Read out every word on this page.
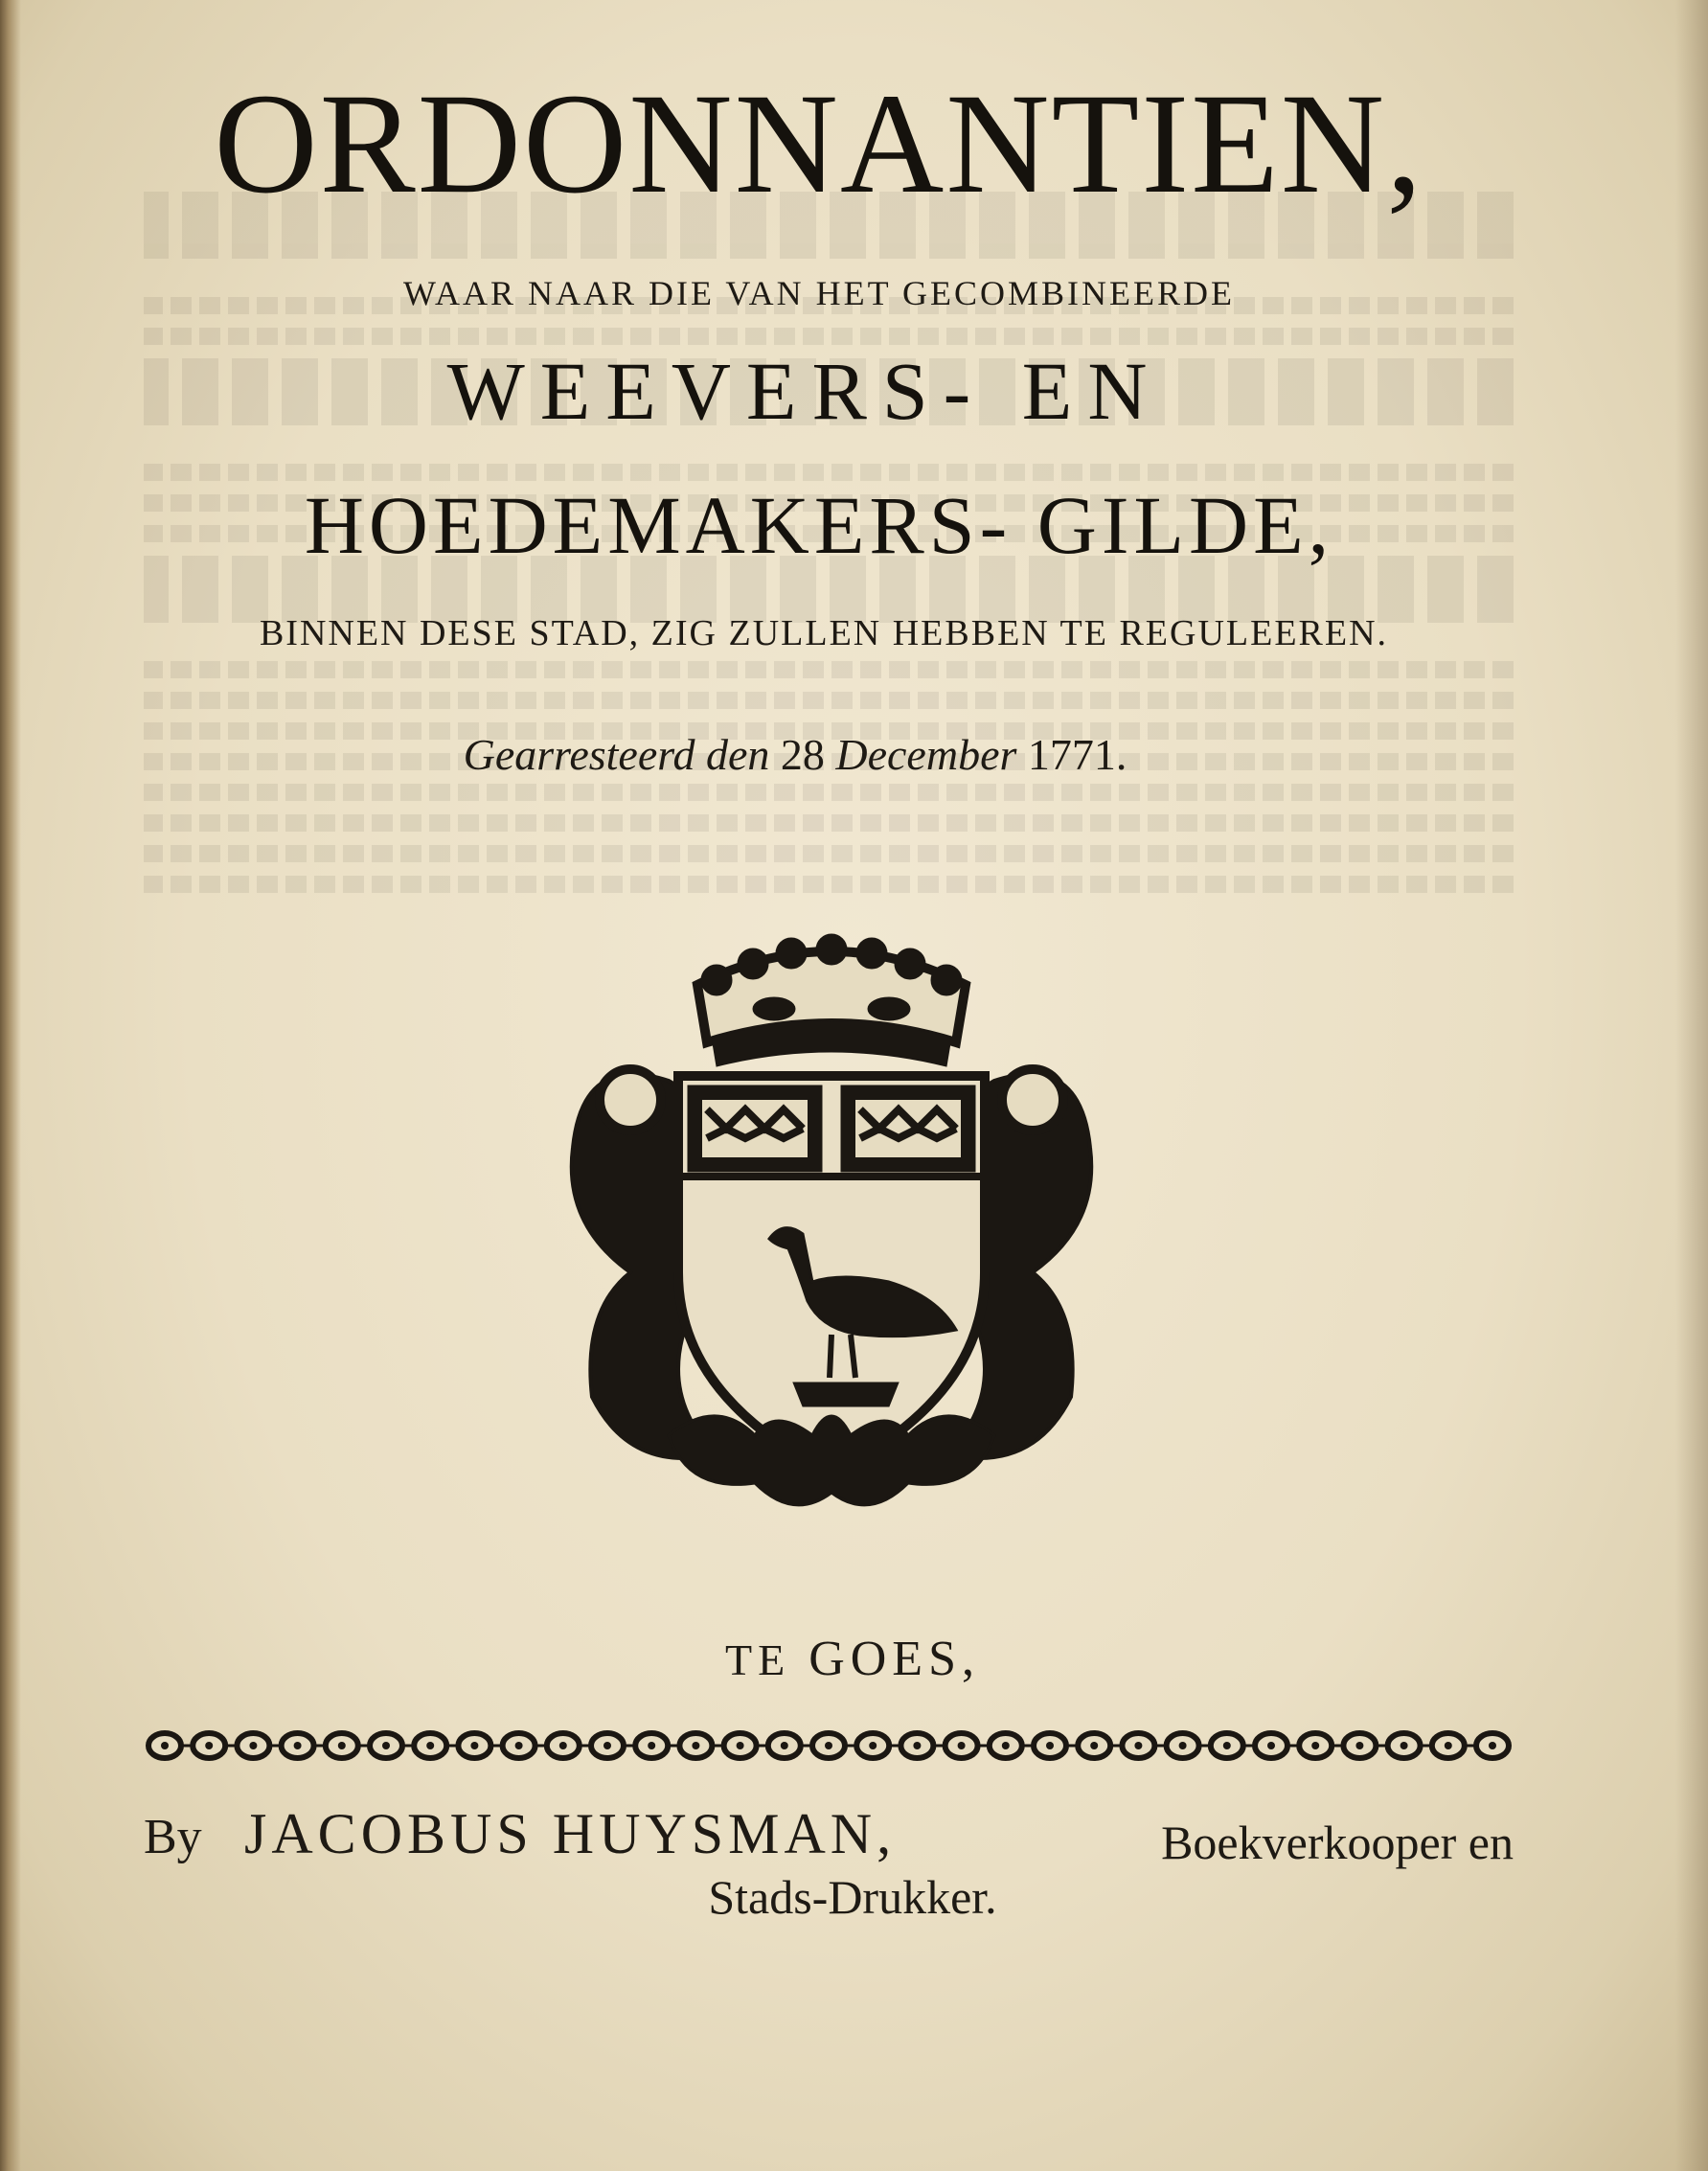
ORDONNANTIEN,
WAAR NAAR DIE VAN HET GECOMBINEERDE
WEEVERS- EN
HOEDEMAKERS- GILDE,
BINNEN DESE STAD, ZIG ZULLEN HEBBEN TE REGULEEREN.
Gearresteerd den 28 December 1771.
TE GOES,
By JACOBUS HUYSMAN,	Boekverkooper en
Stads-Drukker.
